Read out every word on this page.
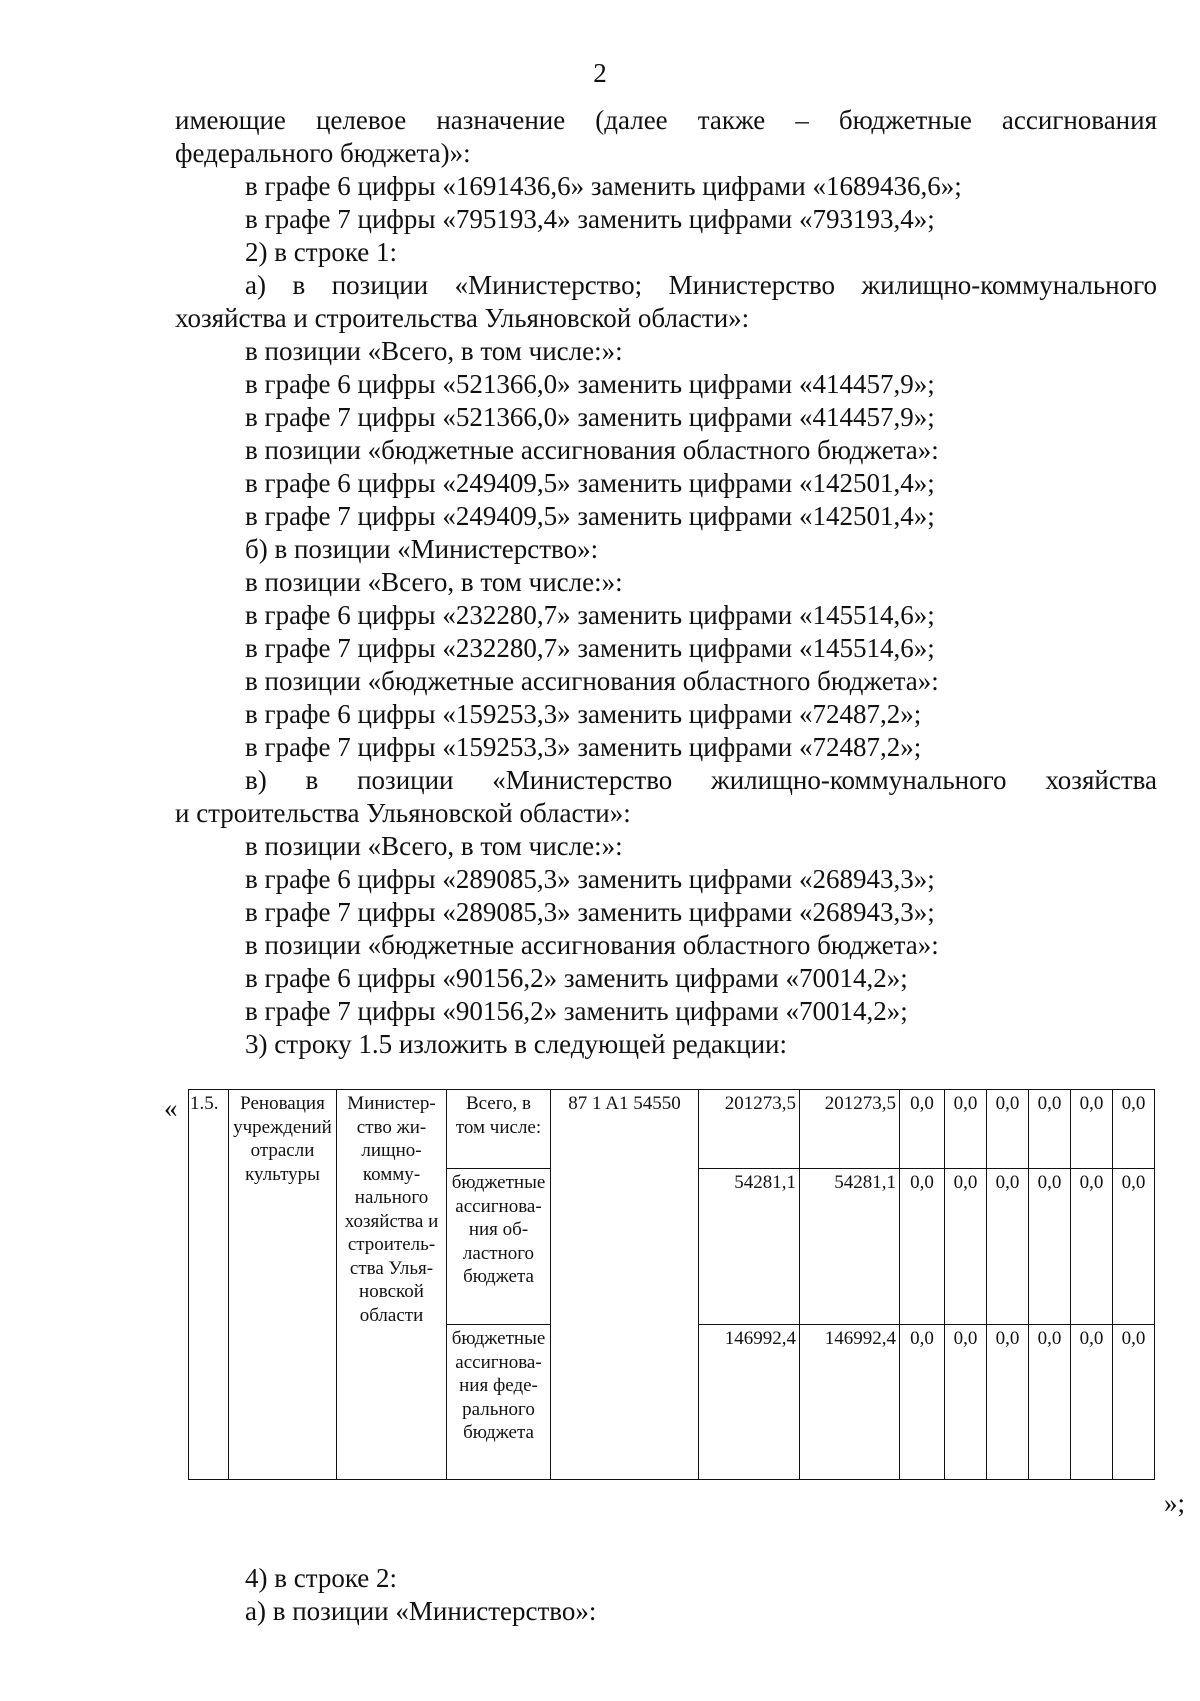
2
имеющие целевое назначение (далее также – бюджетные ассигнования
федерального бюджета)»:
в графе 6 цифры «1691436,6» заменить цифрами «1689436,6»;
в графе 7 цифры «795193,4» заменить цифрами «793193,4»;
2) в строке 1:
а) в позиции «Министерство; Министерство жилищно-коммунального
хозяйства и строительства Ульяновской области»:
в позиции «Всего, в том числе:»:
в графе 6 цифры «521366,0» заменить цифрами «414457,9»;
в графе 7 цифры «521366,0» заменить цифрами «414457,9»;
в позиции «бюджетные ассигнования областного бюджета»:
в графе 6 цифры «249409,5» заменить цифрами «142501,4»;
в графе 7 цифры «249409,5» заменить цифрами «142501,4»;
б) в позиции «Министерство»:
в позиции «Всего, в том числе:»:
в графе 6 цифры «232280,7» заменить цифрами «145514,6»;
в графе 7 цифры «232280,7» заменить цифрами «145514,6»;
в позиции «бюджетные ассигнования областного бюджета»:
в графе 6 цифры «159253,3» заменить цифрами «72487,2»;
в графе 7 цифры «159253,3» заменить цифрами «72487,2»;
в) в позиции «Министерство жилищно-коммунального хозяйства
и строительства Ульяновской области»:
в позиции «Всего, в том числе:»:
в графе 6 цифры «289085,3» заменить цифрами «268943,3»;
в графе 7 цифры «289085,3» заменить цифрами «268943,3»;
в позиции «бюджетные ассигнования областного бюджета»:
в графе 6 цифры «90156,2» заменить цифрами «70014,2»;
в графе 7 цифры «90156,2» заменить цифрами «70014,2»;
3) строку 1.5 изложить в следующей редакции:
« 1.5.	Реновация учреждений отрасли культуры	Министерство жилищно-коммунального хозяйства и строительства Ульяновской области	Всего, в том числе:	87 1 A1 54550	201273,5	201273,5	0,0	0,0	0,0	0,0	0,0	0,0
			бюджетные ассигнования областного бюджета		54281,1	54281,1	0,0	0,0	0,0	0,0	0,0	0,0
			бюджетные ассигнования федерального бюджета		146992,4	146992,4	0,0	0,0	0,0	0,0	0,0	0,0
»;
4) в строке 2:
а) в позиции «Министерство»:
